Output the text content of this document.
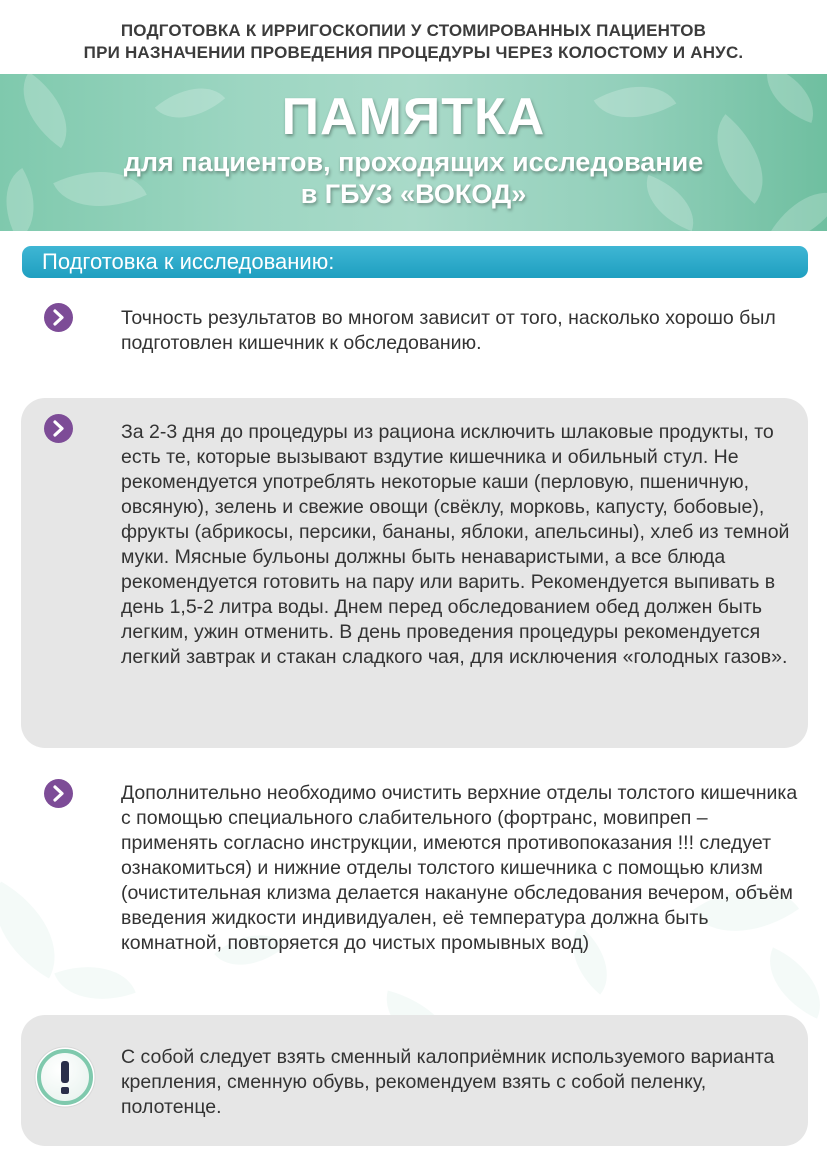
ПОДГОТОВКА К ИРРИГОСКОПИИ У СТОМИРОВАННЫХ ПАЦИЕНТОВ
ПРИ НАЗНАЧЕНИИ ПРОВЕДЕНИЯ ПРОЦЕДУРЫ ЧЕРЕЗ КОЛОСТОМУ И АНУС.
ПАМЯТКА
для пациентов, проходящих исследование
в ГБУЗ «ВОКОД»
Подготовка к исследованию:
Точность результатов во многом зависит от того, насколько хорошо был подготовлен кишечник к обследованию.
За 2-3 дня до процедуры из рациона исключить шлаковые продукты, то есть те, которые вызывают вздутие кишечника и обильный стул. Не рекомендуется употреблять некоторые каши (перловую, пшеничную, овсяную), зелень и свежие овощи (свёклу, морковь, капусту, бобовые), фрукты (абрикосы, персики, бананы, яблоки, апельсины), хлеб из темной муки. Мясные бульоны должны быть ненаваристыми, а все блюда рекомендуется готовить на пару или варить. Рекомендуется выпивать в день 1,5-2 литра воды. Днем перед обследованием обед должен быть легким, ужин отменить. В день проведения процедуры рекомендуется легкий завтрак и стакан сладкого чая, для исключения «голодных газов».
Дополнительно необходимо очистить верхние отделы толстого кишечника с помощью специального слабительного (фортранс, мовипреп – применять согласно инструкции, имеются противопоказания !!! следует ознакомиться) и нижние отделы толстого кишечника с помощью клизм (очистительная клизма делается накануне обследования вечером, объём введения жидкости индивидуален, её температура должна быть комнатной, повторяется до чистых промывных вод)
С собой следует взять сменный калоприёмник используемого варианта крепления, сменную обувь, рекомендуем взять с собой пеленку, полотенце.
